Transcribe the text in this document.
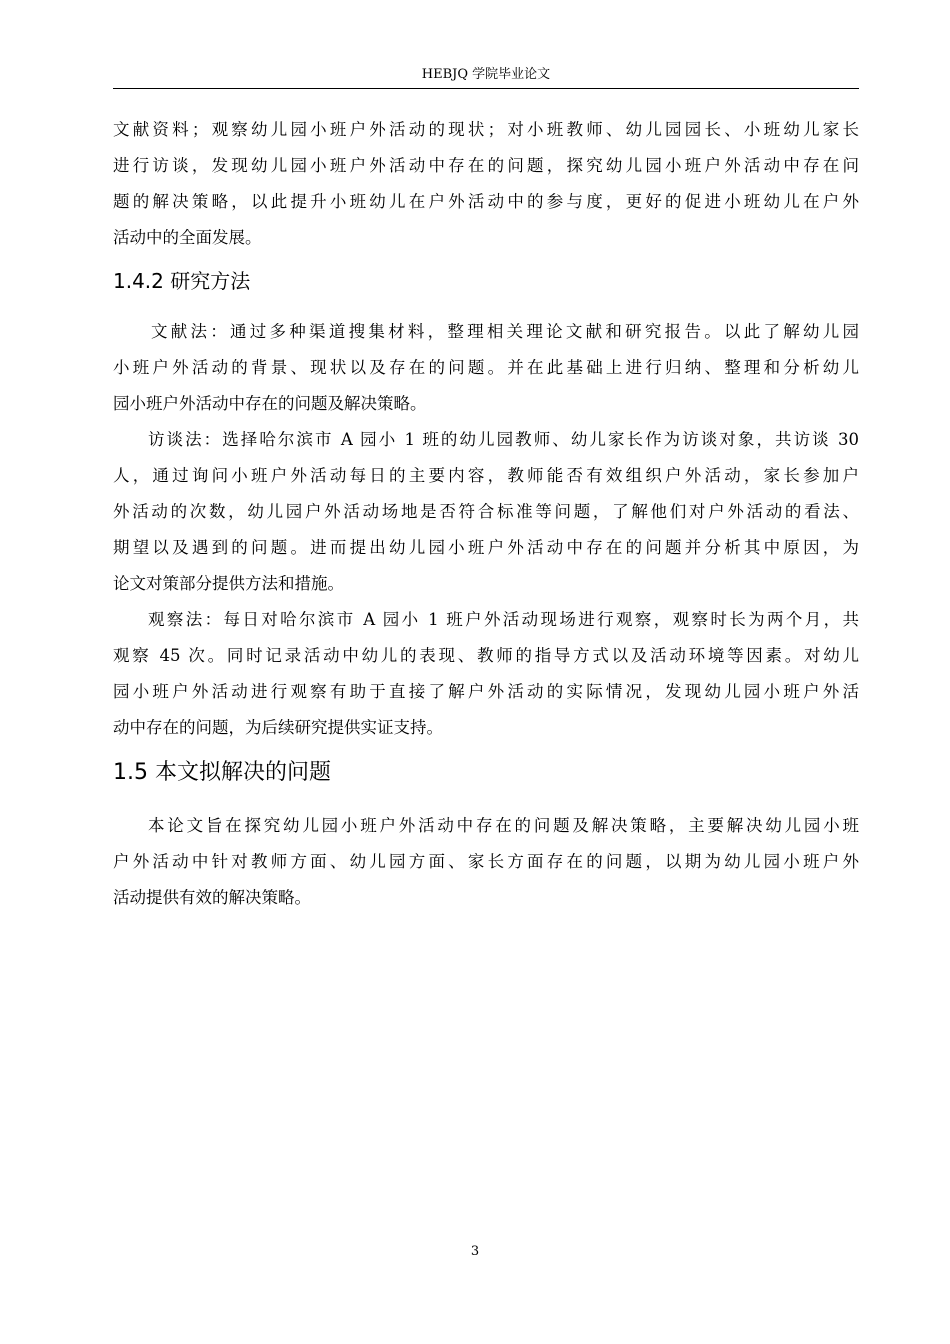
HEBJQ 学院毕业论文
文献资料；观察幼儿园小班户外活动的现状；对小班教师、幼儿园园长、小班幼儿家长
进行访谈，发现幼儿园小班户外活动中存在的问题，探究幼儿园小班户外活动中存在问
题的解决策略，以此提升小班幼儿在户外活动中的参与度，更好的促进小班幼儿在户外
活动中的全面发展。
1.4.2 研究方法
文献法：通过多种渠道搜集材料，整理相关理论文献和研究报告。以此了解幼儿园
小班户外活动的背景、现状以及存在的问题。并在此基础上进行归纳、整理和分析幼儿
园小班户外活动中存在的问题及解决策略。
访谈法：选择哈尔滨市 A 园小 1 班的幼儿园教师、幼儿家长作为访谈对象，共访谈 30
人，通过询问小班户外活动每日的主要内容，教师能否有效组织户外活动，家长参加户
外活动的次数，幼儿园户外活动场地是否符合标准等问题，了解他们对户外活动的看法、
期望以及遇到的问题。进而提出幼儿园小班户外活动中存在的问题并分析其中原因，为
论文对策部分提供方法和措施。
观察法：每日对哈尔滨市 A 园小 1 班户外活动现场进行观察，观察时长为两个月，共
观察 45 次。同时记录活动中幼儿的表现、教师的指导方式以及活动环境等因素。对幼儿
园小班户外活动进行观察有助于直接了解户外活动的实际情况，发现幼儿园小班户外活
动中存在的问题，为后续研究提供实证支持。
1.5 本文拟解决的问题
本论文旨在探究幼儿园小班户外活动中存在的问题及解决策略，主要解决幼儿园小班
户外活动中针对教师方面、幼儿园方面、家长方面存在的问题，以期为幼儿园小班户外
活动提供有效的解决策略。
3
